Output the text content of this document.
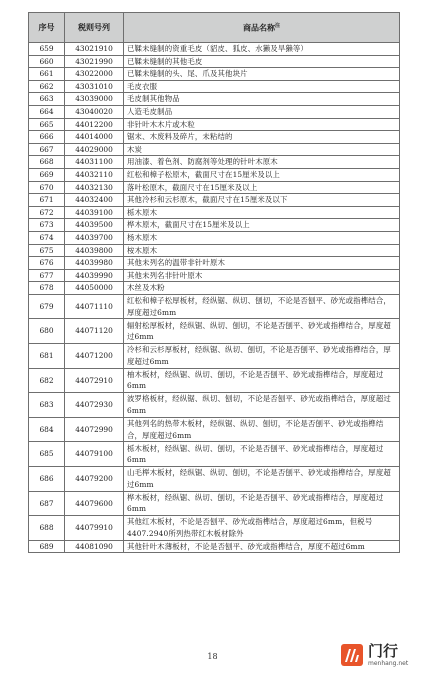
序号	税则号列	商品名称$^注$
659	43021910	已鞣未缝制的资重毛皮（貂皮、狐皮、水獭及旱獭等）
660	43021990	已鞣未缝制的其他毛皮
661	43022000	已鞣未缝制的头、尾、爪及其他块片
662	43031010	毛皮衣服
663	43039000	毛皮制其他物品
664	43040020	人造毛皮制品
665	44012200	非针叶木木片或木粒
666	44014000	锯末、木废料及碎片，未粘结的
667	44029000	木炭
668	44031100	用油漆、着色剂、防腐剂等处理的针叶木原木
669	44032110	红松和樟子松原木，截面尺寸在15厘米及以上
670	44032130	落叶松原木，截面尺寸在15厘米及以上
671	44032400	其他冷杉和云杉原木，截面尺寸在15厘米及以下
672	44039100	栎木原木
673	44039500	桦木原木，截面尺寸在15厘米及以上
674	44039700	杨木原木
675	44039800	桉木原木
676	44039980	其他未列名的温带非针叶原木
677	44039990	其他未列名非针叶原木
678	44050000	木丝及木粉
679	44071110	红松和樟子松厚板材，经纵锯、纵切、刨切，不论是否刨平、砂光或指榫结合，厚度超过6mm
680	44071120	辐射松厚板材，经纵锯、纵切、刨切，不论是否刨平、砂光或指榫结合，厚度超过6mm
681	44071200	冷杉和云杉厚板材，经纵锯、纵切、刨切，不论是否刨平、砂光或指榫结合，厚度超过6mm
682	44072910	柚木板材，经纵锯、纵切、刨切，不论是否刨平、砂光或指榫结合，厚度超过6mm
683	44072930	波罗格板材，经纵锯、纵切、刨切，不论是否刨平、砂光或指榫结合，厚度超过6mm
684	44072990	其他列名的热带木板材，经纵锯、纵切、刨切，不论是否刨平、砂光或指榫结合，厚度超过6mm
685	44079100	栎木板材，经纵锯、纵切、刨切，不论是否刨平、砂光或指榫结合，厚度超过6mm
686	44079200	山毛榉木板材，经纵锯、纵切、刨切，不论是否刨平、砂光或指榫结合，厚度超过6mm
687	44079600	桦木板材，经纵锯、纵切、刨切，不论是否刨平、砂光或指榫结合，厚度超过6mm
688	44079910	其他红木板材，不论是否刨平、砂光或指榫结合，厚度超过6mm，但税号4407.2940所列热带红木板材除外
689	44081090	其他针叶木薄板材，不论是否刨平、砂光或指榫结合，厚度不超过6mm
18	门行
menhang.net
